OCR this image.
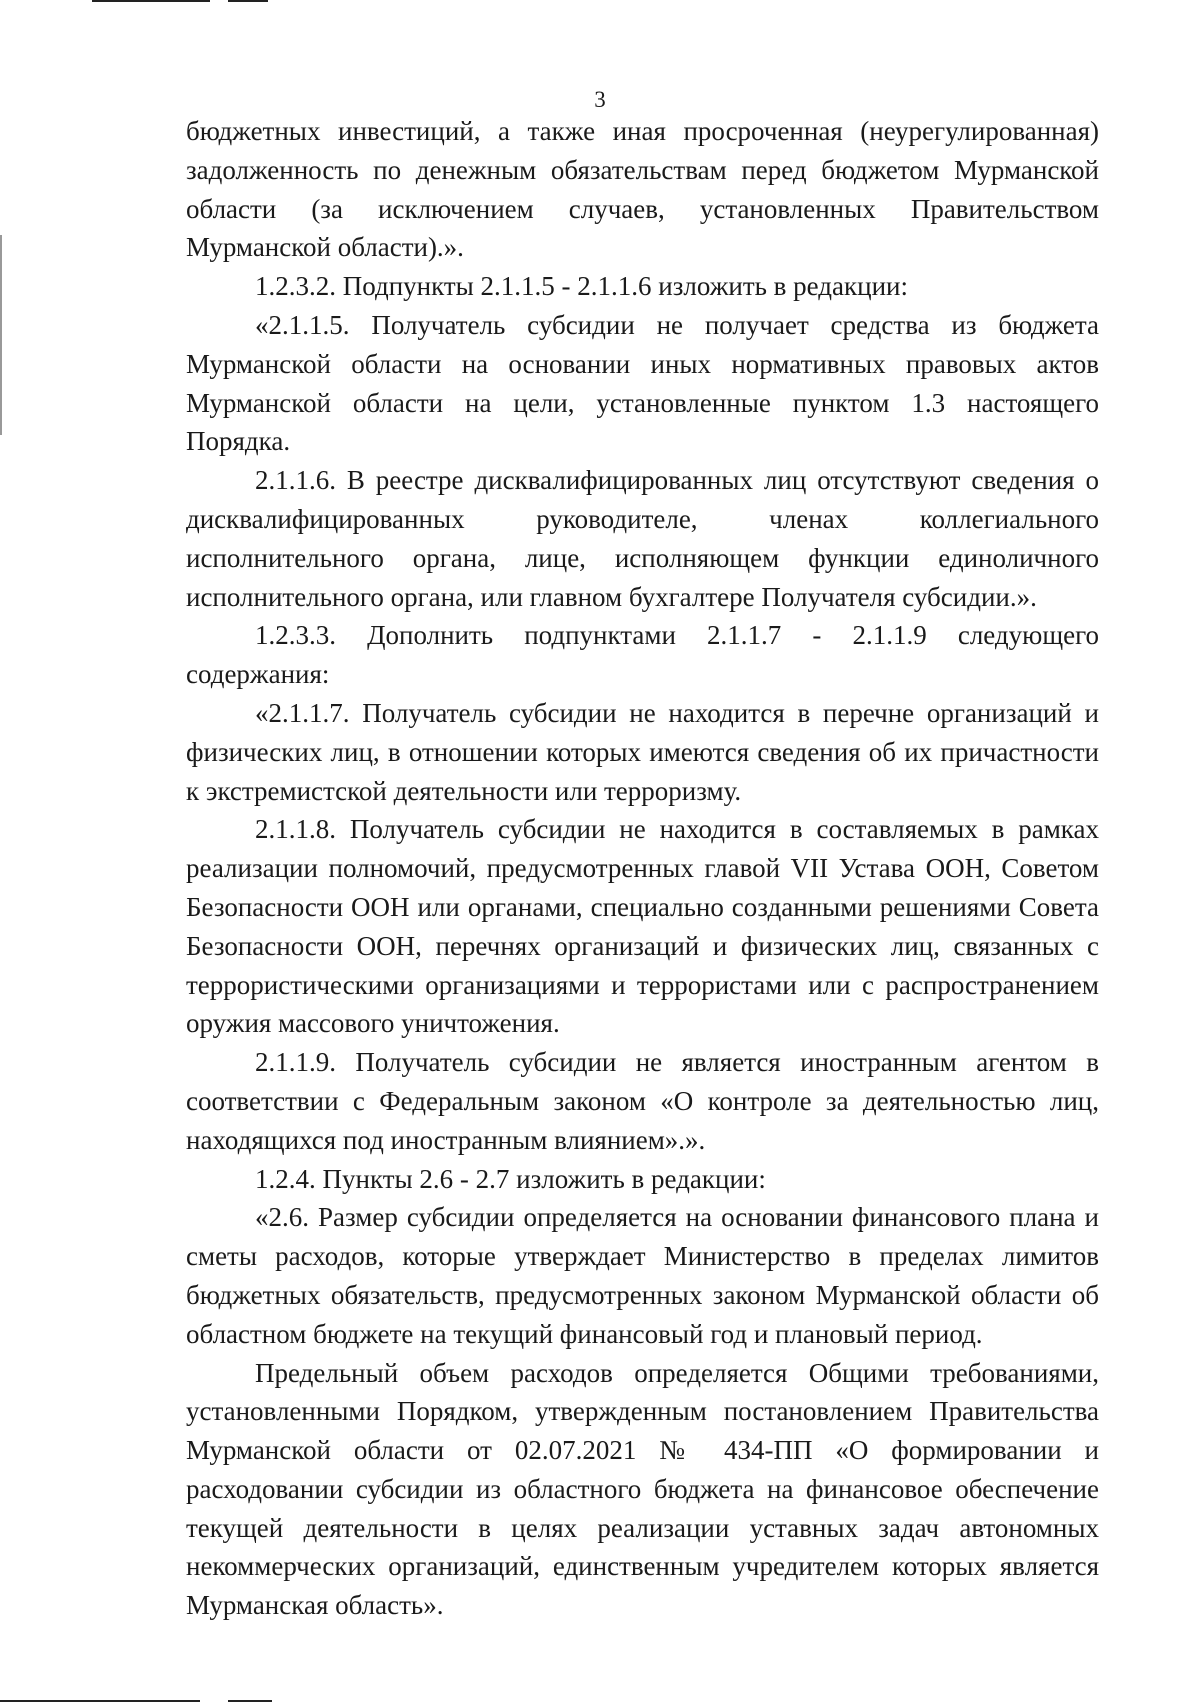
3

бюджетных инвестиций, а также иная просроченная (неурегулированная) задолженность по денежным обязательствам перед бюджетом Мурманской области (за исключением случаев, установленных Правительством Мурманской области).».

1.2.3.2. Подпункты 2.1.1.5 - 2.1.1.6 изложить в редакции:

«2.1.1.5. Получатель субсидии не получает средства из бюджета Мурманской области на основании иных нормативных правовых актов Мурманской области на цели, установленные пунктом 1.3 настоящего Порядка.

2.1.1.6. В реестре дисквалифицированных лиц отсутствуют сведения о дисквалифицированных руководителе, членах коллегиального исполнительного органа, лице, исполняющем функции единоличного исполнительного органа, или главном бухгалтере Получателя субсидии.».

1.2.3.3. Дополнить подпунктами 2.1.1.7 - 2.1.1.9 следующего содержания:

«2.1.1.7. Получатель субсидии не находится в перечне организаций и физических лиц, в отношении которых имеются сведения об их причастности к экстремистской деятельности или терроризму.

2.1.1.8. Получатель субсидии не находится в составляемых в рамках реализации полномочий, предусмотренных главой VII Устава ООН, Советом Безопасности ООН или органами, специально созданными решениями Совета Безопасности ООН, перечнях организаций и физических лиц, связанных с террористическими организациями и террористами или с распространением оружия массового уничтожения.

2.1.1.9. Получатель субсидии не является иностранным агентом в соответствии с Федеральным законом «О контроле за деятельностью лиц, находящихся под иностранным влиянием».».

1.2.4. Пункты 2.6 - 2.7 изложить в редакции:

«2.6. Размер субсидии определяется на основании финансового плана и сметы расходов, которые утверждает Министерство в пределах лимитов бюджетных обязательств, предусмотренных законом Мурманской области об областном бюджете на текущий финансовый год и плановый период.

Предельный объем расходов определяется Общими требованиями, установленными Порядком, утвержденным постановлением Правительства Мурманской области от 02.07.2021 № 434-ПП «О формировании и расходовании субсидии из областного бюджета на финансовое обеспечение текущей деятельности в целях реализации уставных задач автономных некоммерческих организаций, единственным учредителем которых является Мурманская область».
